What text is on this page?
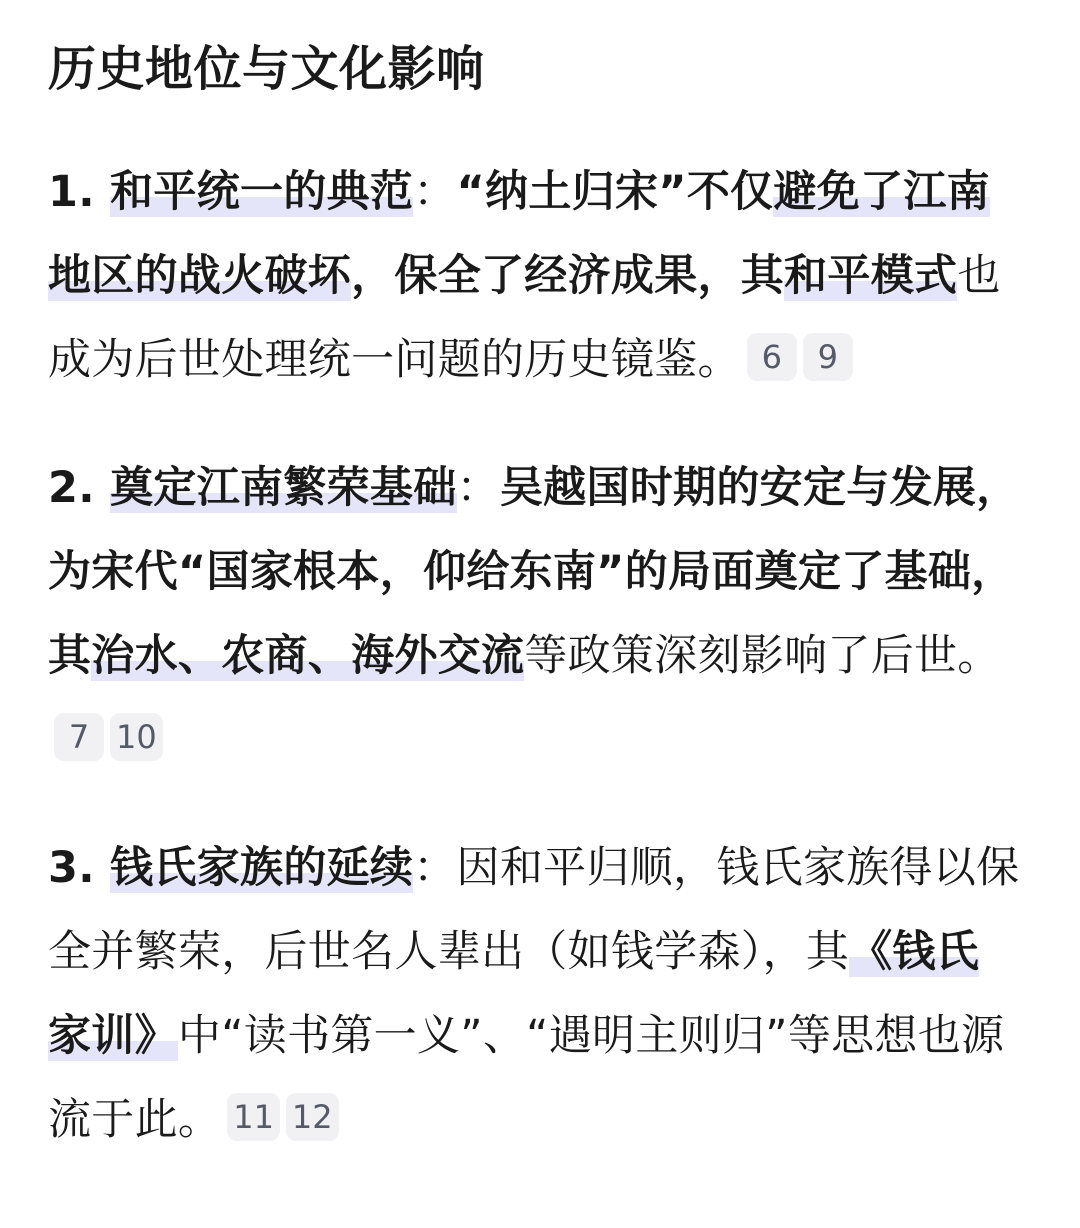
历史地位与文化影响
1. 和平统一的典范：“纳土归宋”不仅避免了江南地区的战火破坏，保全了经济成果，其和平模式也成为后世处理统一问题的历史镜鉴。 6 9
2. 奠定江南繁荣基础：吴越国时期的安定与发展，为宋代“国家根本，仰给东南”的局面奠定了基础，其治水、农商、海外交流等政策深刻影响了后世。7 10
3. 钱氏家族的延续：因和平归顺，钱氏家族得以保全并繁荣，后世名人辈出（如钱学森），其《钱氏家训》中“读书第一义”、“遇明主则归”等思想也源流于此。 11 12
